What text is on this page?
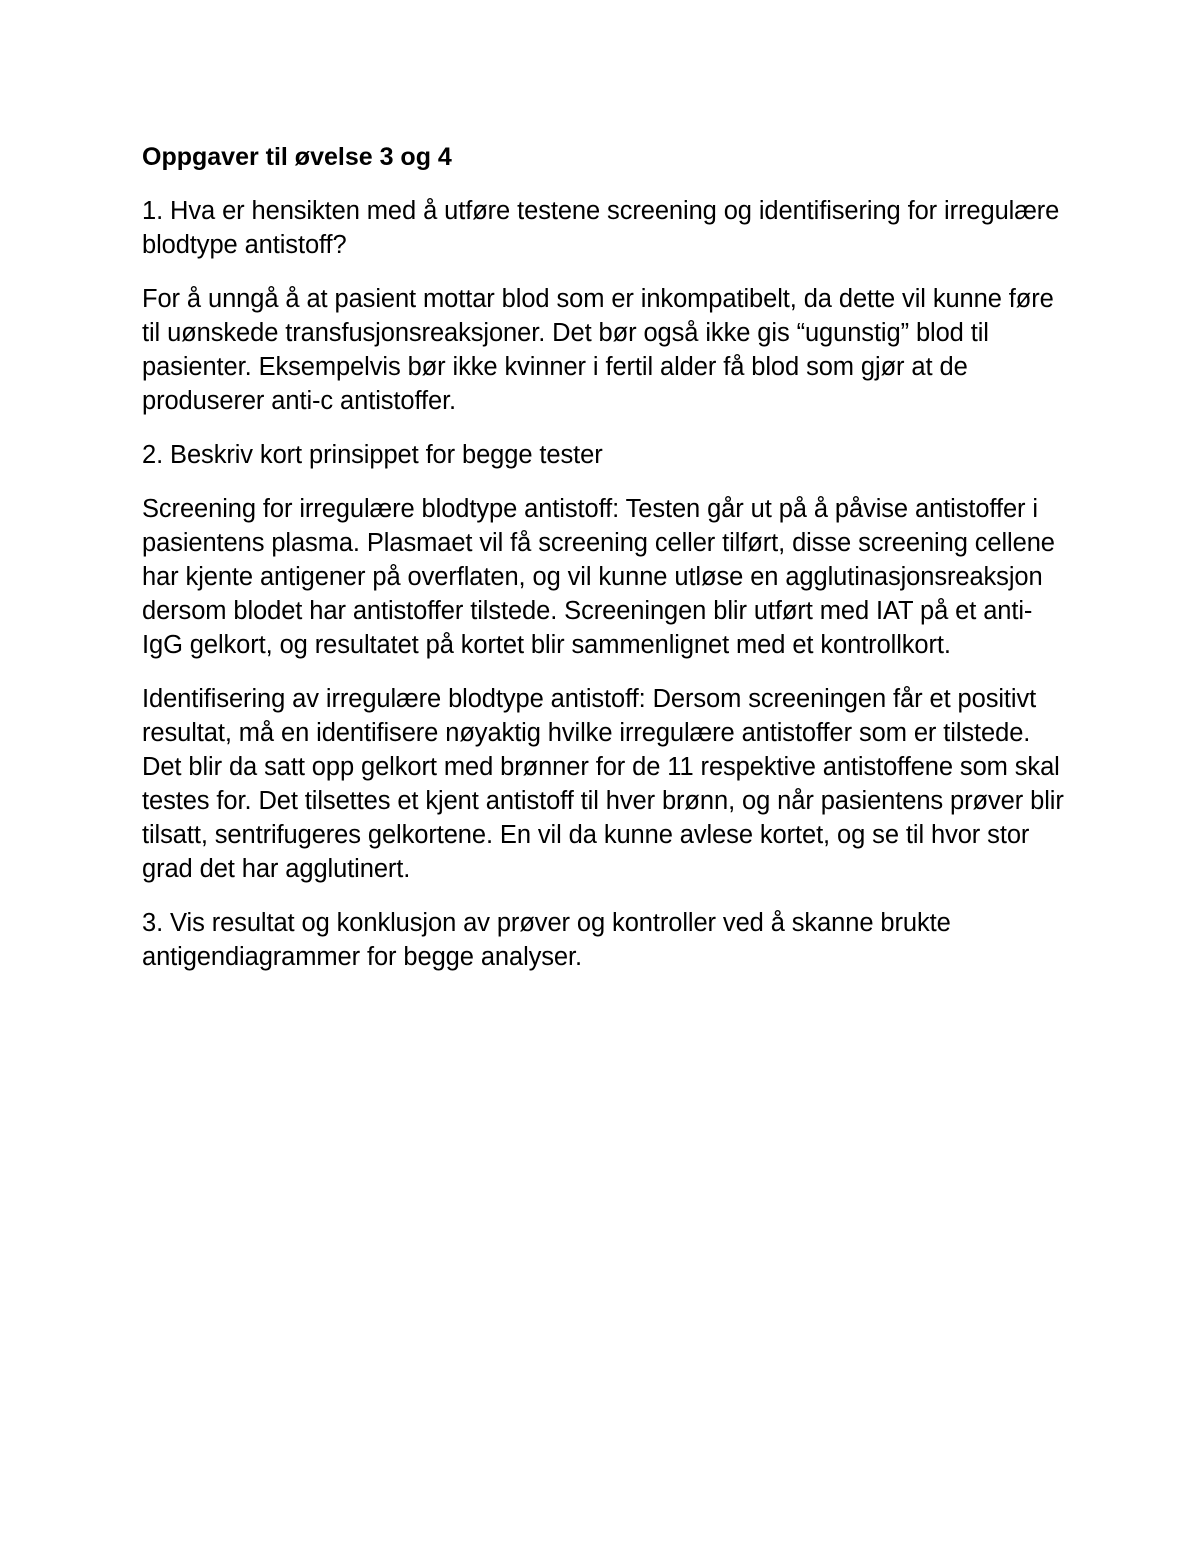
Oppgaver til øvelse 3 og 4

1. Hva er hensikten med å utføre testene screening og identifisering for irregulære blodtype antistoff?

For å unngå å at pasient mottar blod som er inkompatibelt, da dette vil kunne føre til uønskede transfusjonsreaksjoner. Det bør også ikke gis “ugunstig” blod til pasienter. Eksempelvis bør ikke kvinner i fertil alder få blod som gjør at de produserer anti-c antistoffer.

2. Beskriv kort prinsippet for begge tester

Screening for irregulære blodtype antistoff: Testen går ut på å påvise antistoffer i pasientens plasma. Plasmaet vil få screening celler tilført, disse screening cellene har kjente antigener på overflaten, og vil kunne utløse en agglutinasjonsreaksjon dersom blodet har antistoffer tilstede. Screeningen blir utført med IAT på et anti-IgG gelkort, og resultatet på kortet blir sammenlignet med et kontrollkort.

Identifisering av irregulære blodtype antistoff: Dersom screeningen får et positivt resultat, må en identifisere nøyaktig hvilke irregulære antistoffer som er tilstede. Det blir da satt opp gelkort med brønner for de 11 respektive antistoffene som skal testes for. Det tilsettes et kjent antistoff til hver brønn, og når pasientens prøver blir tilsatt, sentrifugeres gelkortene. En vil da kunne avlese kortet, og se til hvor stor grad det har agglutinert.

3. Vis resultat og konklusjon av prøver og kontroller ved å skanne brukte antigendiagrammer for begge analyser.
